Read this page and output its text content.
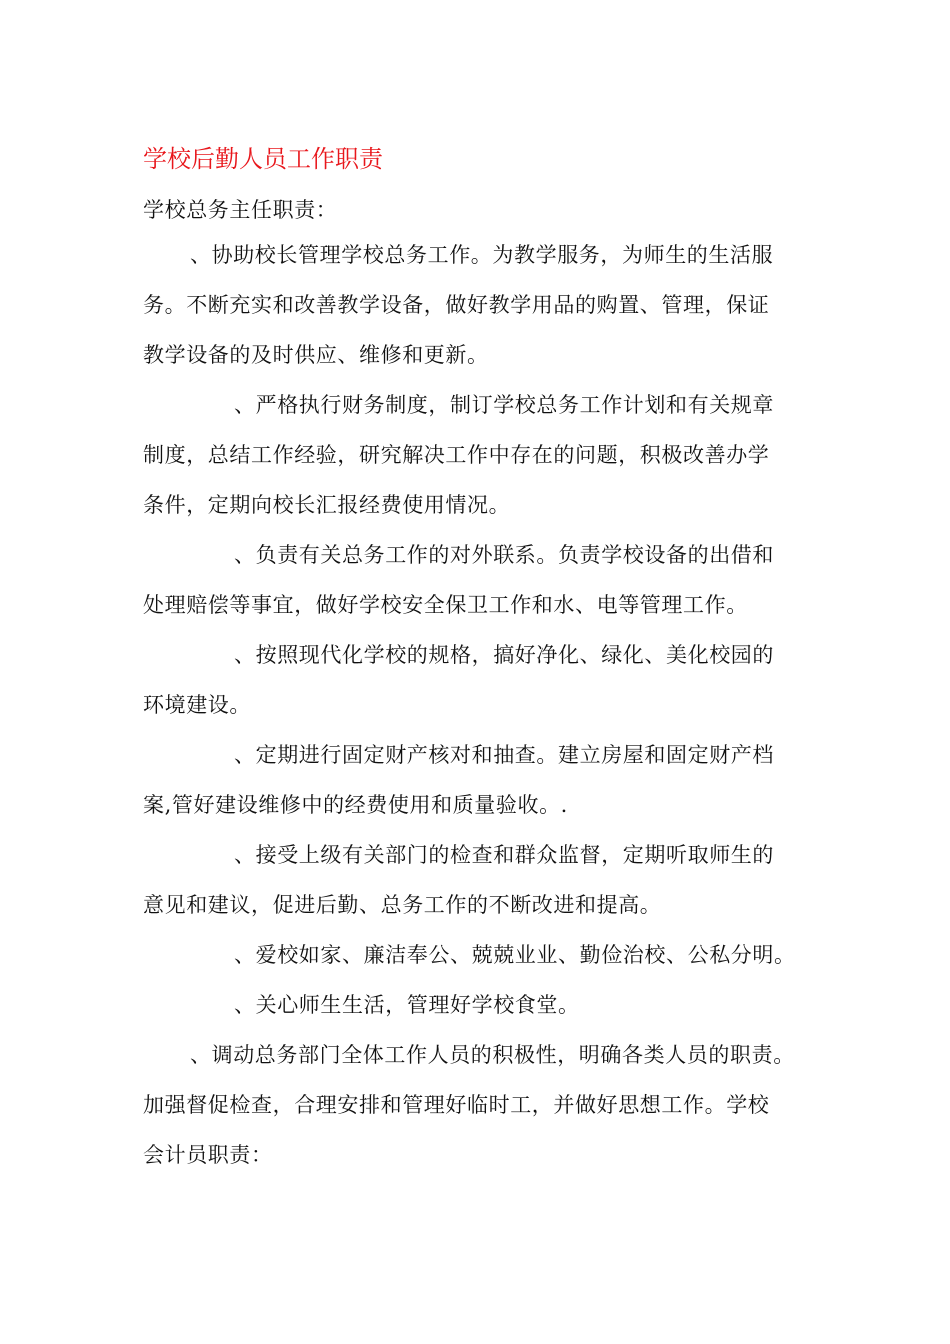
学校后勤人员工作职责
学校总务主任职责：
、协助校长管理学校总务工作。为教学服务，为师生的生活服
务。不断充实和改善教学设备，做好教学用品的购置、管理，保证
教学设备的及时供应、维修和更新。
、严格执行财务制度，制订学校总务工作计划和有关规章
制度，总结工作经验，研究解决工作中存在的问题，积极改善办学
条件，定期向校长汇报经费使用情况。
、负责有关总务工作的对外联系。负责学校设备的出借和
处理赔偿等事宜，做好学校安全保卫工作和水、电等管理工作。
、按照现代化学校的规格，搞好净化、绿化、美化校园的
环境建设。
、定期进行固定财产核对和抽查。建立房屋和固定财产档
案,管好建设维修中的经费使用和质量验收。.
、接受上级有关部门的检查和群众监督，定期听取师生的
意见和建议，促进后勤、总务工作的不断改进和提高。
、爱校如家、廉洁奉公、兢兢业业、勤俭治校、公私分明。
、关心师生生活，管理好学校食堂。
、调动总务部门全体工作人员的积极性，明确各类人员的职责。
加强督促检查，合理安排和管理好临时工，并做好思想工作。学校
会计员职责：
